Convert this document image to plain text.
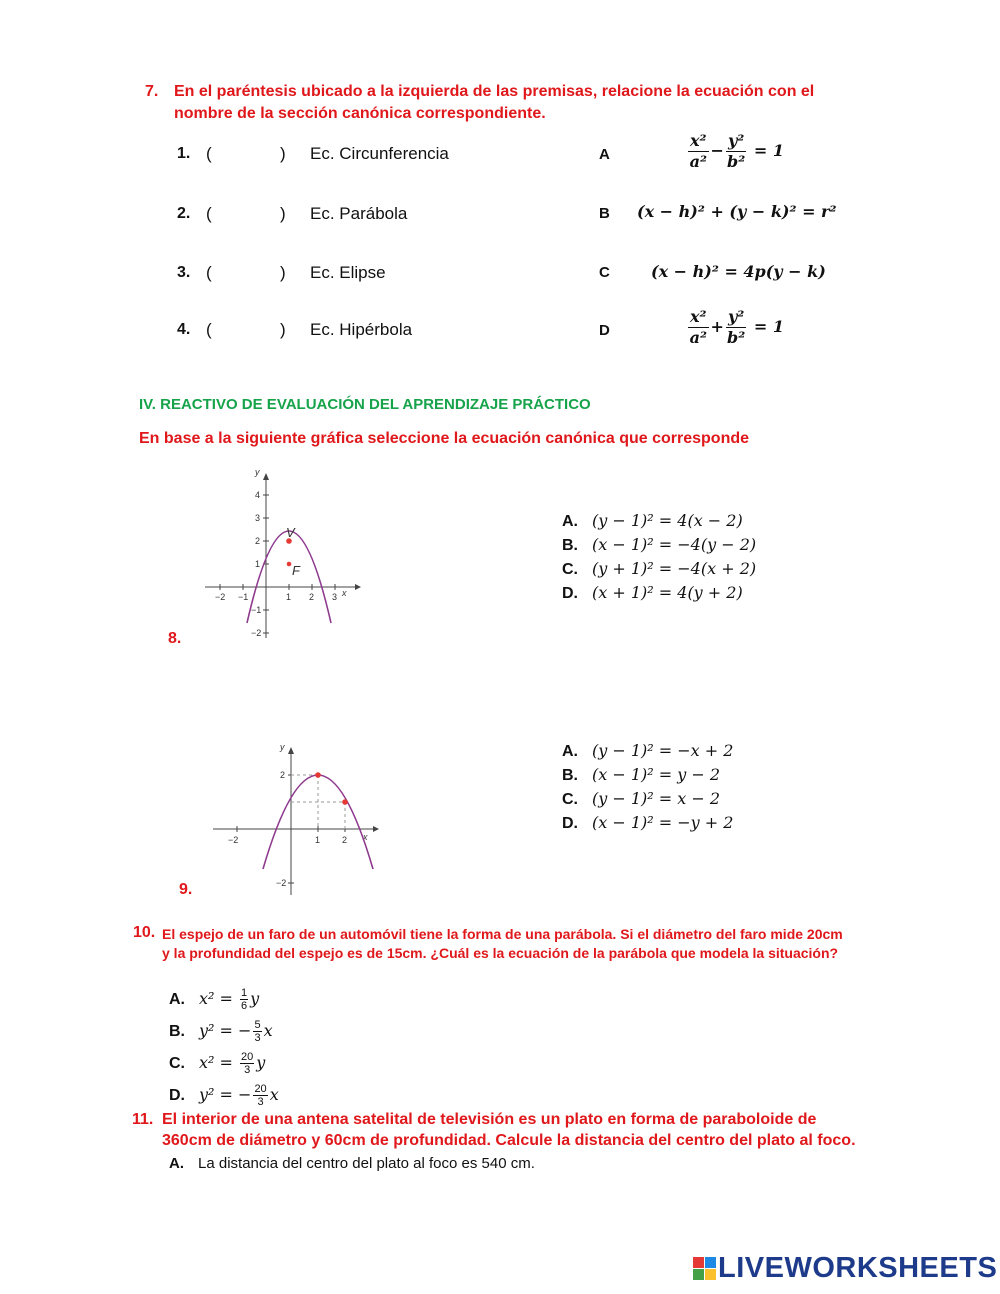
7. En el paréntesis ubicado a la izquierda de las premisas, relacione la ecuación con el
nombre de la sección canónica correspondiente.
1. (	) Ec. Circunferencia	A	$\frac{\text{x²}}{\text{a²}} - \frac{\text{y²}}{\text{b²}} = 1$
2. (	) Ec. Parábola	B (x − h)² + (y − k)² = r²
3. (	) Ec. Elipse	C	(x − h)² = 4p(y − k)
4. (	) Ec. Hipérbola	D	$\frac{\text{x²}}{\text{a²}} + \frac{\text{y²}}{\text{b²}} = 1$
IV. REACTIVO DE EVALUACIÓN DEL APRENDIZAJE PRÁCTICO
En base a la siguiente gráfica seleccione la ecuación canónica que corresponde
−2 −1	1 2 3
4
3
2
1
−1
−2
x
y
V
F
8.
A. (y − 1)² = 4(x − 2)
B. (x − 1)² = −4(y − 2)
C. (y + 1)² = −4(x + 2)
D. (x + 1)² = 4(y + 2)
−2	1 2
2
−2
x
y
9.
A. (y − 1)² = −x + 2
B. (x − 1)² = y − 2
C. (y − 1)² = x − 2
D. (x − 1)² = −y + 2
10. El espejo de un faro de un automóvil tiene la forma de una parábola. Si el diámetro del faro mide 20cm
y la profundidad del espejo es de 15cm. ¿Cuál es la ecuación de la parábola que modela la situación?
A. $x^2 = \frac{1}{6}$ y
B. y² = − $\frac{5}{3}$ x
C. $x^2 = \frac{20}{3}$ y
D. y² = − $\frac{20}{3}$ x
11. El interior de una antena satelital de televisión es un plato en forma de paraboloide de
360cm de diámetro y 60cm de profundidad. Calcule la distancia del centro del plato al foco.
A. La distancia del centro del plato al foco es 540 cm.
LIVEWORKSHEETS
